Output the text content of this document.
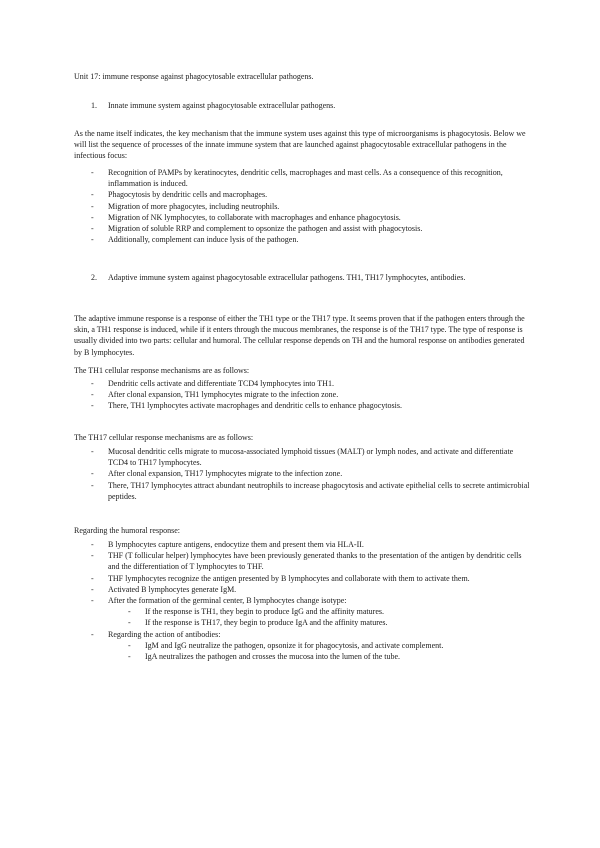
Unit 17: immune response against phagocytosable extracellular pathogens.
1. Innate immune system against phagocytosable extracellular pathogens.
As the name itself indicates, the key mechanism that the immune system uses against this type of microorganisms is phagocytosis. Below we will list the sequence of processes of the innate immune system that are launched against phagocytosable extracellular pathogens in the infectious focus:
- Recognition of PAMPs by keratinocytes, dendritic cells, macrophages and mast cells. As a consequence of this recognition, inflammation is induced.
- Phagocytosis by dendritic cells and macrophages.
- Migration of more phagocytes, including neutrophils.
- Migration of NK lymphocytes, to collaborate with macrophages and enhance phagocytosis.
- Migration of soluble RRP and complement to opsonize the pathogen and assist with phagocytosis.
- Additionally, complement can induce lysis of the pathogen.
2. Adaptive immune system against phagocytosable extracellular pathogens. TH1, TH17 lymphocytes, antibodies.
The adaptive immune response is a response of either the TH1 type or the TH17 type. It seems proven that if the pathogen enters through the skin, a TH1 response is induced, while if it enters through the mucous membranes, the response is of the TH17 type. The type of response is usually divided into two parts: cellular and humoral. The cellular response depends on TH and the humoral response on antibodies generated by B lymphocytes.
The TH1 cellular response mechanisms are as follows:
- Dendritic cells activate and differentiate TCD4 lymphocytes into TH1.
- After clonal expansion, TH1 lymphocytes migrate to the infection zone.
- There, TH1 lymphocytes activate macrophages and dendritic cells to enhance phagocytosis.
The TH17 cellular response mechanisms are as follows:
- Mucosal dendritic cells migrate to mucosa-associated lymphoid tissues (MALT) or lymph nodes, and activate and differentiate TCD4 to TH17 lymphocytes.
- After clonal expansion, TH17 lymphocytes migrate to the infection zone.
- There, TH17 lymphocytes attract abundant neutrophils to increase phagocytosis and activate epithelial cells to secrete antimicrobial peptides.
Regarding the humoral response:
- B lymphocytes capture antigens, endocytize them and present them via HLA-II.
- THF (T follicular helper) lymphocytes have been previously generated thanks to the presentation of the antigen by dendritic cells and the differentiation of T lymphocytes to THF.
- THF lymphocytes recognize the antigen presented by B lymphocytes and collaborate with them to activate them.
- Activated B lymphocytes generate IgM.
- After the formation of the germinal center, B lymphocytes change isotype:
- If the response is TH1, they begin to produce IgG and the affinity matures.
- If the response is TH17, they begin to produce IgA and the affinity matures.
- Regarding the action of antibodies:
- IgM and IgG neutralize the pathogen, opsonize it for phagocytosis, and activate complement.
- IgA neutralizes the pathogen and crosses the mucosa into the lumen of the tube.
